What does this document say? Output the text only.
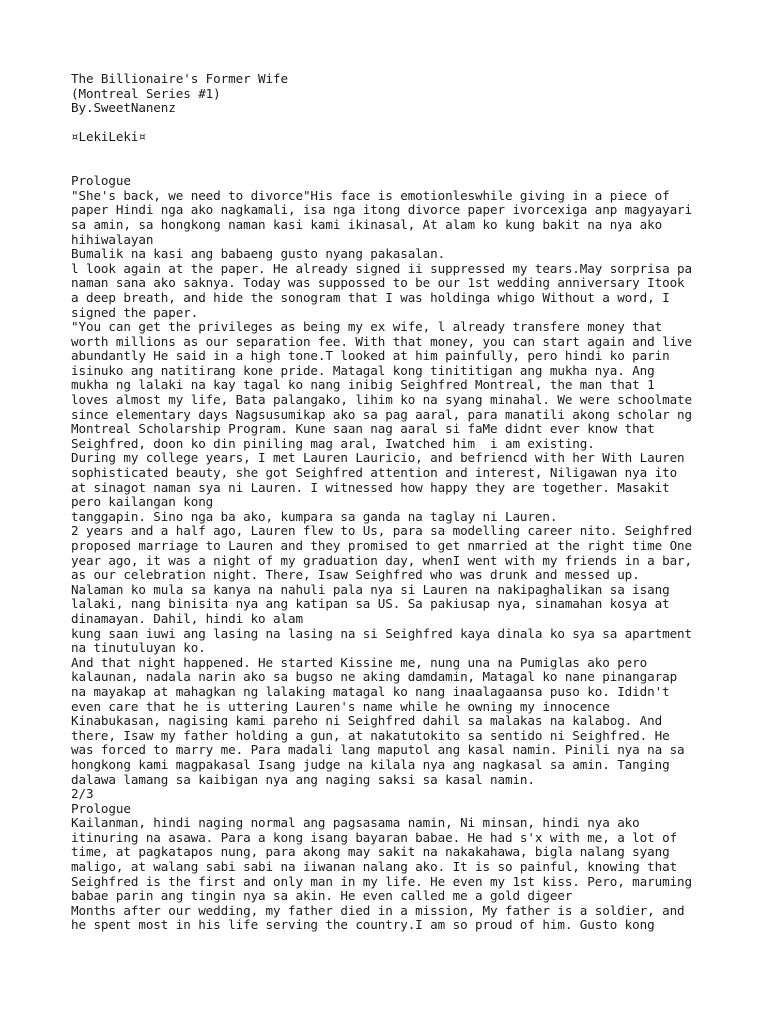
The Billionaire's Former Wife
(Montreal Series #1)
By.SweetNanenz
¤LekiLeki¤
Prologue
"She's back, we need to divorce"His face is emotionleswhile giving in a piece of
paper Hindi nga ako nagkamali, isa nga itong divorce paper ivorcexiga anp magyayari
sa amin, sa hongkong naman kasi kami ikinasal, At alam ko kung bakit na nya ako
hihiwalayan
Bumalik na kasi ang babaeng gusto nyang pakasalan.
l look again at the paper. He already signed ii suppressed my tears.May sorprisa pa
naman sana ako saknya. Today was suppossed to be our 1st wedding anniversary Itook
a deep breath, and hide the sonogram that I was holdinga whigo Without a word, I
signed the paper.
"You can get the privileges as being my ex wife, l already transfere money that
worth millions as our separation fee. With that money, you can start again and live
abundantly He said in a high tone.T looked at him painfully, pero hindi ko parin
isinuko ang natitirang kone pride. Matagal kong tinititigan ang mukha nya. Ang
mukha ng lalaki na kay tagal ko nang inibig Seighfred Montreal, the man that 1
loves almost my life, Bata palangako, lihim ko na syang minahal. We were schoolmate
since elementary days Nagsusumikap ako sa pag aaral, para manatili akong scholar ng
Montreal Scholarship Program. Kune saan nag aaral si faMe didnt ever know that
Seighfred, doon ko din piniling mag aral, Iwatched him  i am existing.
During my college years, I met Lauren Lauricio, and befriencd with her With Lauren
sophisticated beauty, she got Seighfred attention and interest, Niligawan nya ito
at sinagot naman sya ni Lauren. I witnessed how happy they are together. Masakit
pero kailangan kong
tanggapin. Sino nga ba ako, kumpara sa ganda na taglay ni Lauren.
2 years and a half ago, Lauren flew to Us, para sa modelling career nito. Seighfred
proposed marriage to Lauren and they promised to get nmarried at the right time One
year ago, it was a night of my graduation day, whenI went with my friends in a bar,
as our celebration night. There, Isaw Seighfred who was drunk and messed up.
Nalaman ko mula sa kanya na nahuli pala nya si Lauren na nakipaghalikan sa isang
lalaki, nang binisita nya ang katipan sa US. Sa pakiusap nya, sinamahan kosya at
dinamayan. Dahil, hindi ko alam
kung saan iuwi ang lasing na lasing na si Seighfred kaya dinala ko sya sa apartment
na tinutuluyan ko.
And that night happened. He started Kissine me, nung una na Pumiglas ako pero
kalaunan, nadala narin ako sa bugso ne aking damdamin, Matagal ko nane pinangarap
na mayakap at mahagkan ng lalaking matagal ko nang inaalagaansa puso ko. Ididn't
even care that he is uttering Lauren's name while he owning my innocence
Kinabukasan, nagising kami pareho ni Seighfred dahil sa malakas na kalabog. And
there, Isaw my father holding a gun, at nakatutokito sa sentido ni Seighfred. He
was forced to marry me. Para madali lang maputol ang kasal namin. Pinili nya na sa
hongkong kami magpakasal Isang judge na kilala nya ang nagkasal sa amin. Tanging
dalawa lamang sa kaibigan nya ang naging saksi sa kasal namin.
2/3
Prologue
Kailanman, hindi naging normal ang pagsasama namin, Ni minsan, hindi nya ako
itinuring na asawa. Para a kong isang bayaran babae. He had s'x with me, a lot of
time, at pagkatapos nung, para akong may sakit na nakakahawa, bigla nalang syang
maligo, at walang sabi sabi na iiwanan nalang ako. It is so painful, knowing that
Seighfred is the first and only man in my life. He even my 1st kiss. Pero, maruming
babae parin ang tingin nya sa akin. He even called me a gold digeer
Months after our wedding, my father died in a mission, My father is a soldier, and
he spent most in his life serving the country.I am so proud of him. Gusto kong
